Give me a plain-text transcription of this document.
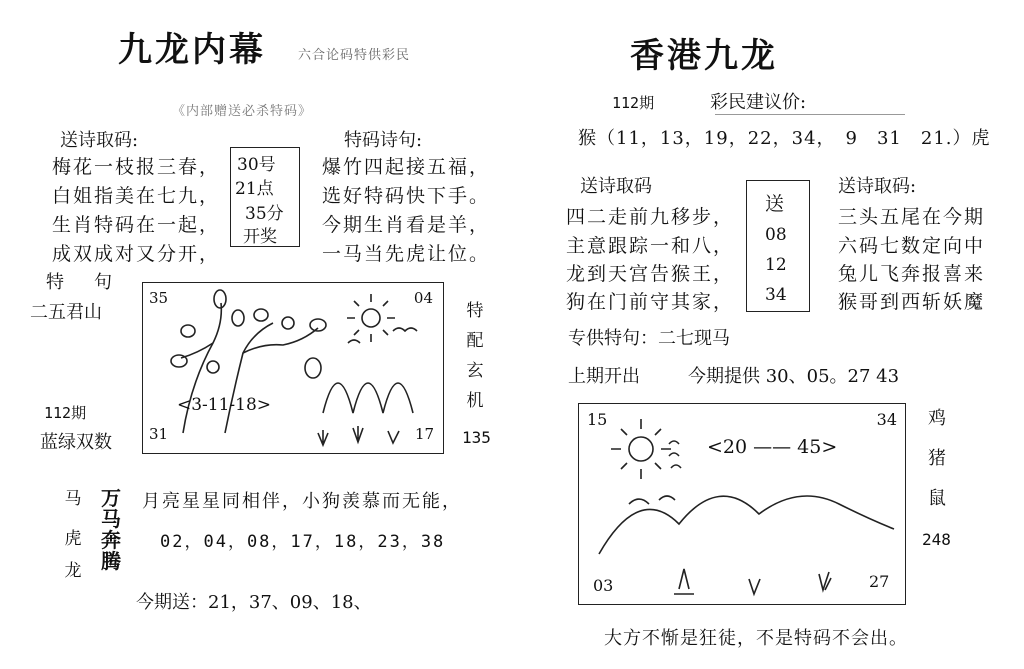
九龙内幕 六合论码特供彩民
《内部赠送必杀特码》
送诗取码:
梅花一枝报三春，
白姐指美在七九，
生肖特码在一起，
成双成对又分开，
30号
21点
35分
开奖
特码诗句:
爆竹四起接五福，
选好特码快下手。
今期生肖看是羊，
一马当先虎让位。
特　句
二五君山
112期
蓝绿双数
35	04
31	17
<3-11-18>
特
配
玄
机
135
马
虎
龙
万
马
奔
腾
月亮星星同相伴，小狗羡慕而无能，
02，04，08，17，18，23，38
今期送：21，37、09、18、
香港九龙
112期	彩民建议价:
猴（11，13，19，22，34，　9　31　21.）虎
送诗取码
四二走前九移步，
主意跟踪一和八，
龙到天宫告猴王，
狗在门前守其家，
送
08
12
34
送诗取码:
三头五尾在今期
六码七数定向中
兔儿飞奔报喜来
猴哥到西斩妖魔
专供特句：二七现马
上期开出	今期提供 30、05。27 43
15	34
03	27
<20 —— 45>
鸡
猪
鼠
248
大方不惭是狂徒，不是特码不会出。
